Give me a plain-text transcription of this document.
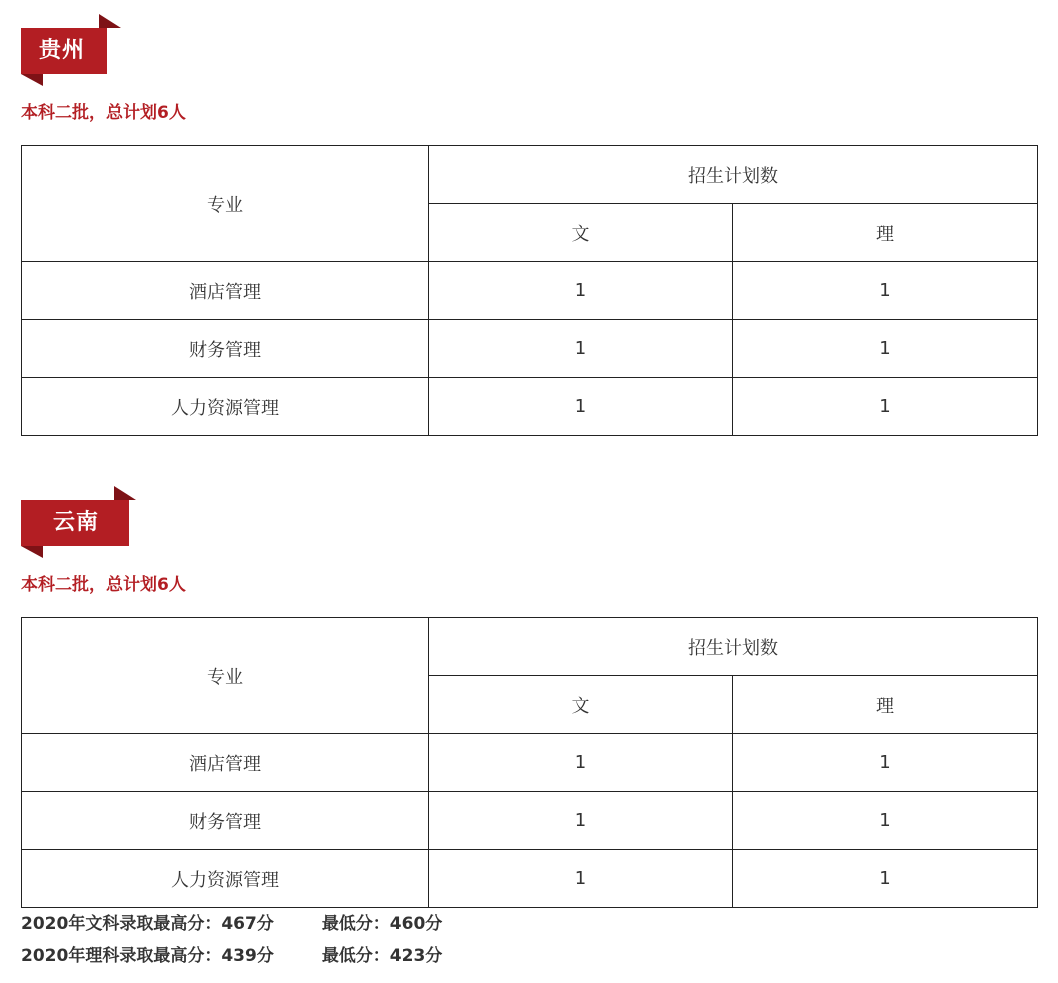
贵州
本科二批，总计划6人
专业	招生计划数	
	文	理
酒店管理	1	1
财务管理	1	1
人力资源管理	1	1
云南
本科二批，总计划6人
专业	招生计划数	
	文	理
酒店管理	1	1
财务管理	1	1
人力资源管理	1	1
2020年文科录取最高分：467分	最低分：460分
2020年理科录取最高分：439分	最低分：423分
